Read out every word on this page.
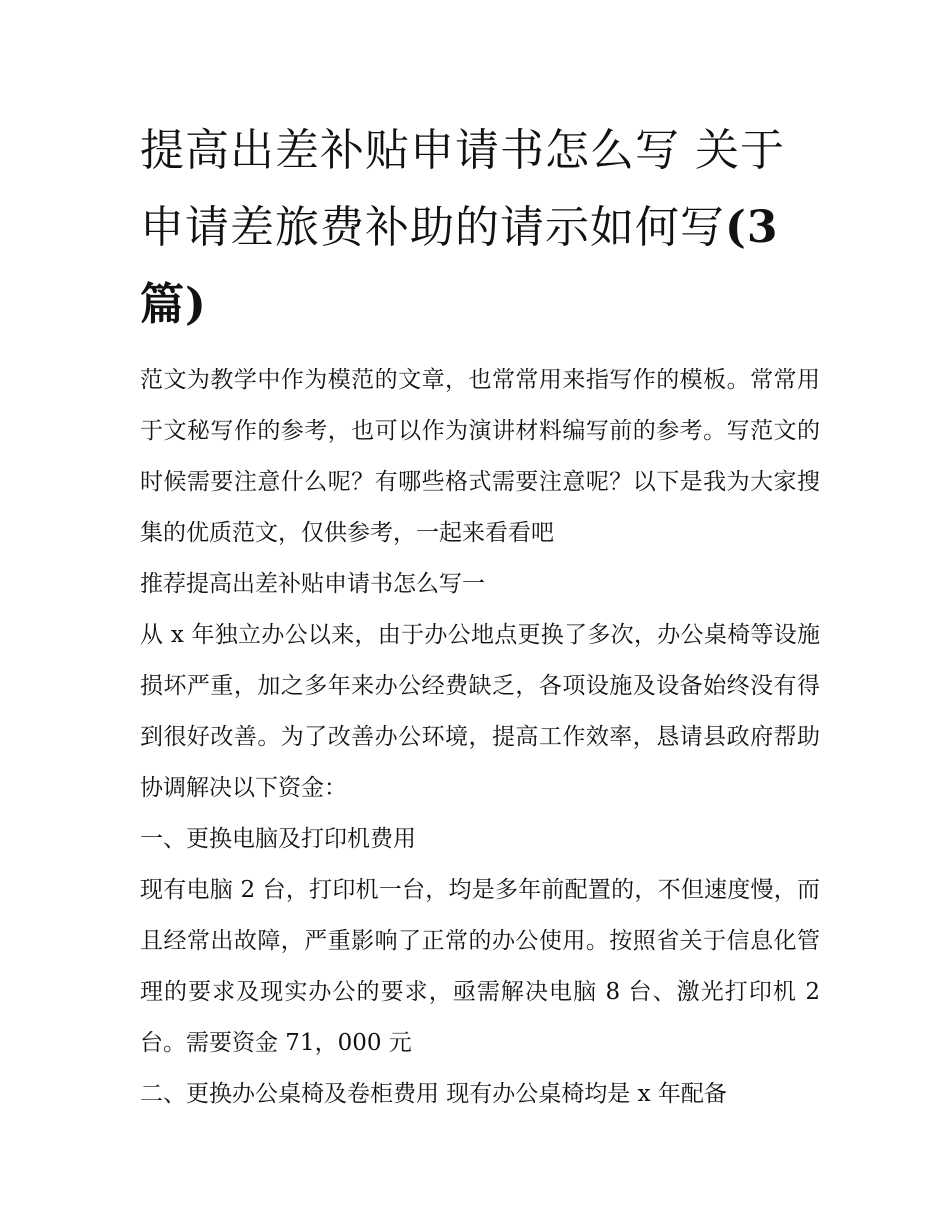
提高出差补贴申请书怎么写 关于申请差旅费补助的请示如何写(3 篇)

范文为教学中作为模范的文章，也常常用来指写作的模板。常常用于文秘写作的参考，也可以作为演讲材料编写前的参考。写范文的时候需要注意什么呢？有哪些格式需要注意呢？以下是我为大家搜集的优质范文，仅供参考，一起来看看吧

推荐提高出差补贴申请书怎么写一

从 x 年独立办公以来，由于办公地点更换了多次，办公桌椅等设施损坏严重，加之多年来办公经费缺乏，各项设施及设备始终没有得到很好改善。为了改善办公环境，提高工作效率，恳请县政府帮助协调解决以下资金：

一、更换电脑及打印机费用

现有电脑 2 台，打印机一台，均是多年前配置的，不但速度慢，而且经常出故障，严重影响了正常的办公使用。按照省关于信息化管理的要求及现实办公的要求，亟需解决电脑 8 台、激光打印机 2 台。需要资金 71，000 元

二、更换办公桌椅及卷柜费用 现有办公桌椅均是 x 年配备
